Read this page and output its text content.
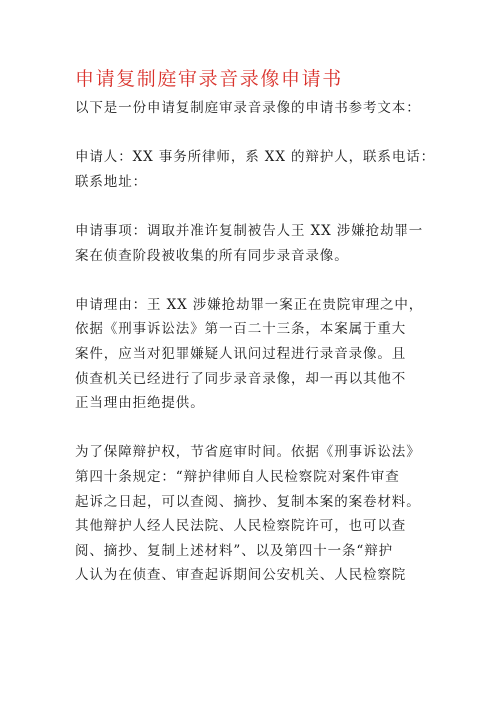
申请复制庭审录音录像申请书

以下是一份申请复制庭审录音录像的申请书参考文本：

申请人：XX 事务所律师，系 XX 的辩护人，联系电话：
联系地址：

申请事项：调取并准许复制被告人王 XX 涉嫌抢劫罪一
案在侦查阶段被收集的所有同步录音录像。

申请理由：王 XX 涉嫌抢劫罪一案正在贵院审理之中，
依据《刑事诉讼法》第一百二十三条，本案属于重大
案件，应当对犯罪嫌疑人讯问过程进行录音录像。且
侦查机关已经进行了同步录音录像，却一再以其他不
正当理由拒绝提供。

为了保障辩护权，节省庭审时间。依据《刑事诉讼法》
第四十条规定：“辩护律师自人民检察院对案件审查
起诉之日起，可以查阅、摘抄、复制本案的案卷材料。
其他辩护人经人民法院、人民检察院许可，也可以查
阅、摘抄、复制上述材料”、以及第四十一条“辩护
人认为在侦查、审查起诉期间公安机关、人民检察院
